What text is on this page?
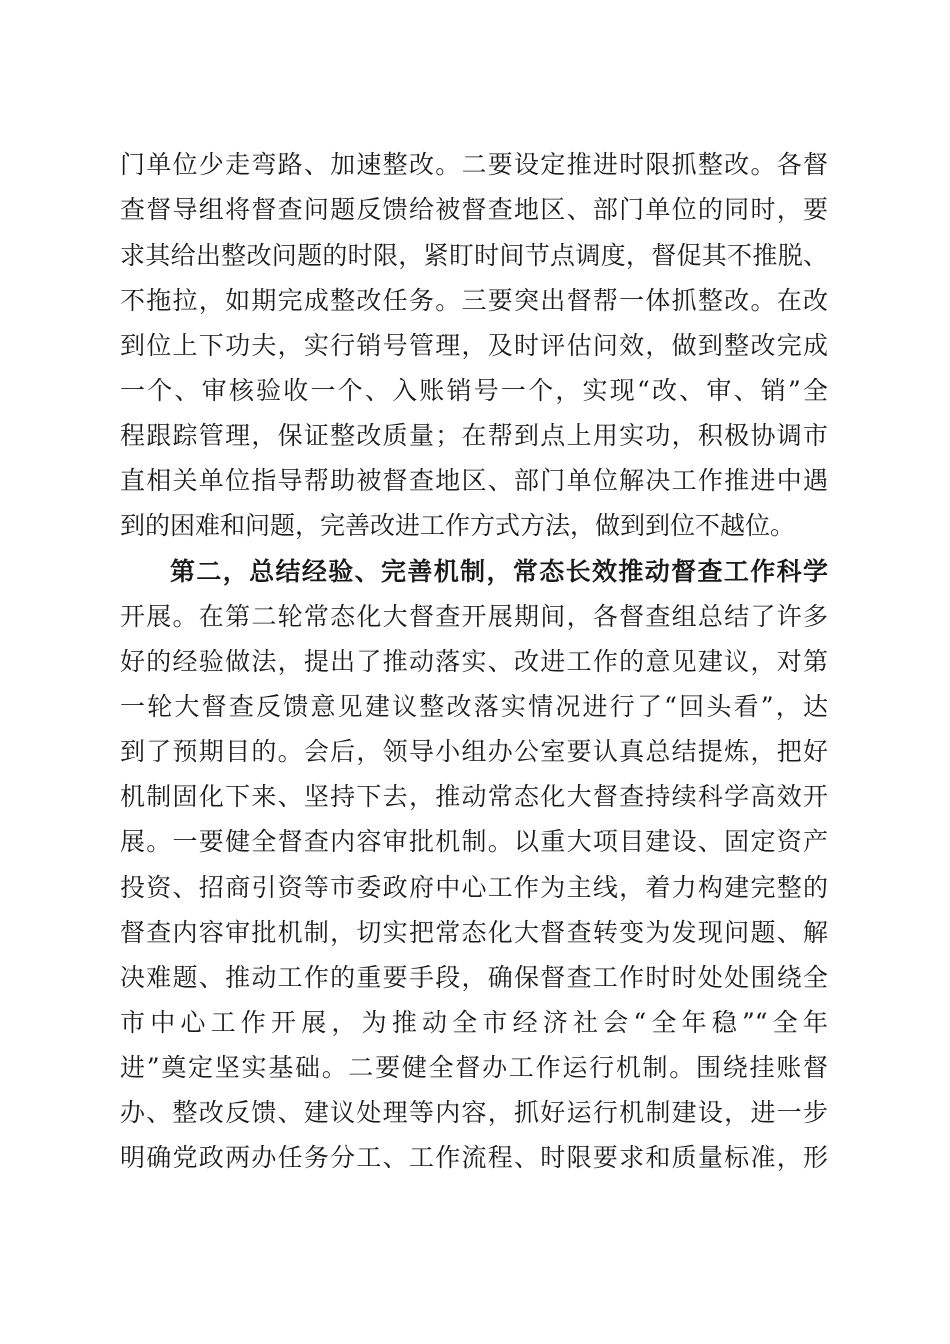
门单位少走弯路、加速整改。二要设定推进时限抓整改。各督
查督导组将督查问题反馈给被督查地区、部门单位的同时，要
求其给出整改问题的时限，紧盯时间节点调度，督促其不推脱、
不拖拉，如期完成整改任务。三要突出督帮一体抓整改。在改
到位上下功夫，实行销号管理，及时评估问效，做到整改完成
一个、审核验收一个、入账销号一个，实现“改、审、销”全
程跟踪管理，保证整改质量；在帮到点上用实功，积极协调市
直相关单位指导帮助被督查地区、部门单位解决工作推进中遇
到的困难和问题，完善改进工作方式方法，做到到位不越位。
第二，总结经验、完善机制，常态长效推动督查工作科学
开展。在第二轮常态化大督查开展期间，各督查组总结了许多
好的经验做法，提出了推动落实、改进工作的意见建议，对第
一轮大督查反馈意见建议整改落实情况进行了“回头看”，达
到了预期目的。会后，领导小组办公室要认真总结提炼，把好
机制固化下来、坚持下去，推动常态化大督查持续科学高效开
展。一要健全督查内容审批机制。以重大项目建设、固定资产
投资、招商引资等市委政府中心工作为主线，着力构建完整的
督查内容审批机制，切实把常态化大督查转变为发现问题、解
决难题、推动工作的重要手段，确保督查工作时时处处围绕全
市中心工作开展，为推动全市经济社会“全年稳”“全年
进”奠定坚实基础。二要健全督办工作运行机制。围绕挂账督
办、整改反馈、建议处理等内容，抓好运行机制建设，进一步
明确党政两办任务分工、工作流程、时限要求和质量标准，形
